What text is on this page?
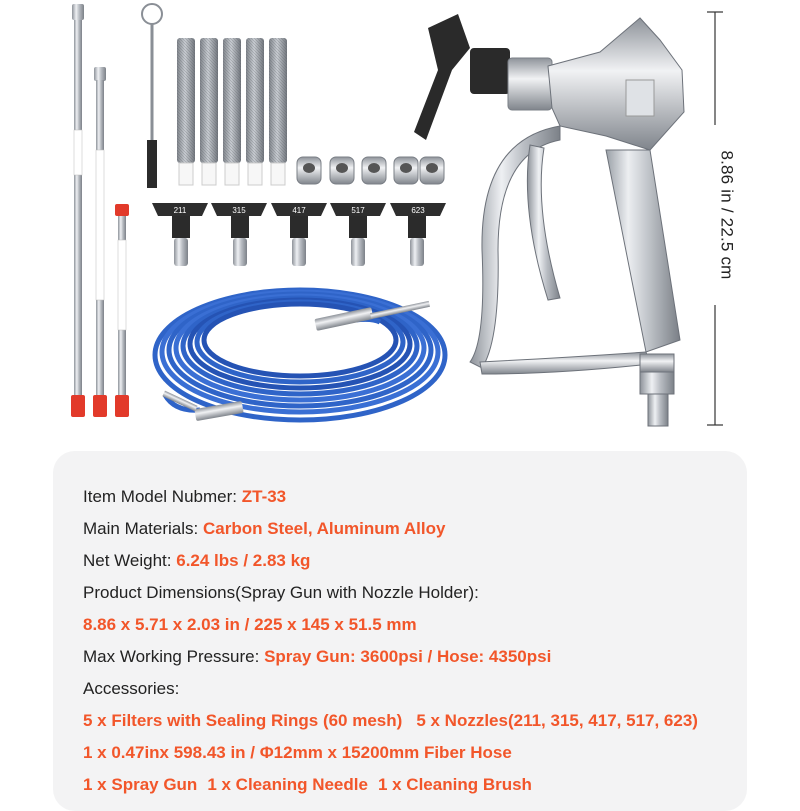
211	315	417	517	623	8.86 in / 22.5 cm
Item Model Nubmer: ZT-33
Main Materials: Carbon Steel, Aluminum Alloy
Net Weight: 6.24 lbs / 2.83 kg
Product Dimensions(Spray Gun with Nozzle Holder):
8.86 x 5.71 x 2.03 in / 225 x 145 x 51.5 mm
Max Working Pressure: Spray Gun: 3600psi / Hose: 4350psi
Accessories:
5 x Filters with Sealing Rings (60 mesh) 5 x Nozzles(211, 315, 417, 517, 623)
1 x 0.47inx 598.43 in / Φ12mm x 15200mm Fiber Hose
1 x Spray Gun 1 x Cleaning Needle 1 x Cleaning Brush
